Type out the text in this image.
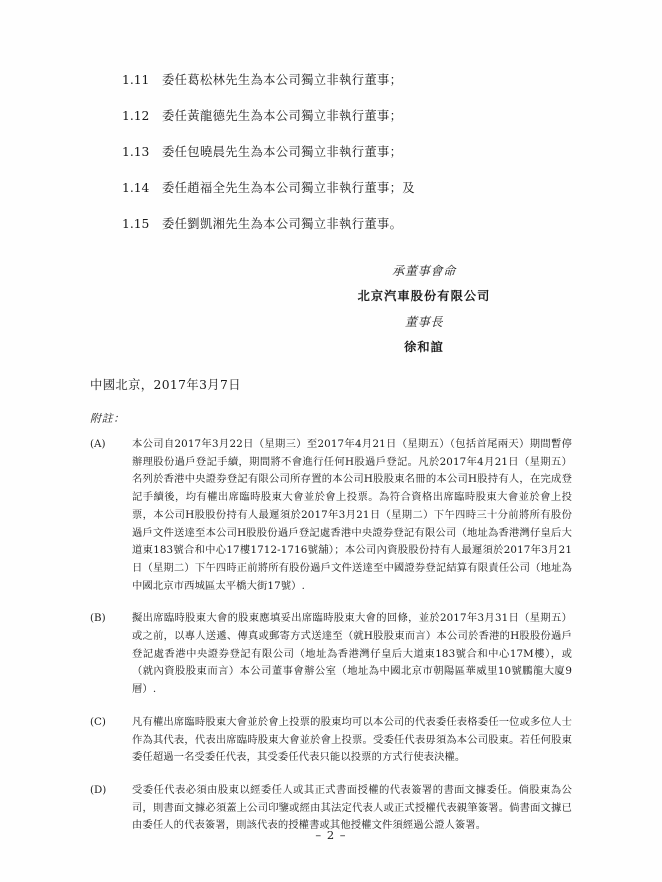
1.11	委任葛松林先生為本公司獨立非執行董事；
1.12	委任黃龍德先生為本公司獨立非執行董事；
1.13	委任包曉晨先生為本公司獨立非執行董事；
1.14	委任趙福全先生為本公司獨立非執行董事；及
1.15	委任劉凱湘先生為本公司獨立非執行董事。
承董事會命
北京汽車股份有限公司
董事長
徐和誼
中國北京，2017年3月7日
附註：
(A)	本公司自2017年3月22日（星期三）至2017年4月21日（星期五）（包括首尾兩天）期間暫停辦理股份過戶登記手續，期間將不會進行任何H股過戶登記。凡於2017年4月21日（星期五）名列於香港中央證券登記有限公司所存置的本公司H股股東名冊的本公司H股持有人，在完成登記手續後，均有權出席臨時股東大會並於會上投票。為符合資格出席臨時股東大會並於會上投票，本公司H股股份持有人最遲須於2017年3月21日（星期二）下午四時三十分前將所有股份過戶文件送達至本公司H股股份過戶登記處香港中央證券登記有限公司（地址為香港灣仔皇后大道東183號合和中心17樓1712-1716號舖）；本公司內資股股份持有人最遲須於2017年3月21日（星期二）下午四時正前將所有股份過戶文件送達至中國證券登記結算有限責任公司（地址為中國北京市西城區太平橋大街17號）.
(B)	擬出席臨時股東大會的股東應填妥出席臨時股東大會的回條，並於2017年3月31日（星期五）或之前，以專人送遞、傳真或郵寄方式送達至（就H股股東而言）本公司於香港的H股股份過戶登記處香港中央證券登記有限公司（地址為香港灣仔皇后大道東183號合和中心17M樓），或（就內資股股東而言）本公司董事會辦公室（地址為中國北京市朝陽區華威里10號鵬龍大廈9層）.
(C)	凡有權出席臨時股東大會並於會上投票的股東均可以本公司的代表委任表格委任一位或多位人士作為其代表，代表出席臨時股東大會並於會上投票。受委任代表毋須為本公司股東。若任何股東委任超過一名受委任代表，其受委任代表只能以投票的方式行使表決權。
(D)	受委任代表必須由股東以經委任人或其正式書面授權的代表簽署的書面文據委任。倘股東為公司，則書面文據必須蓋上公司印鑒或經由其法定代表人或正式授權代表親筆簽署。倘書面文據已由委任人的代表簽署，則該代表的授權書或其他授權文件須經過公證人簽署。
– 2 –
